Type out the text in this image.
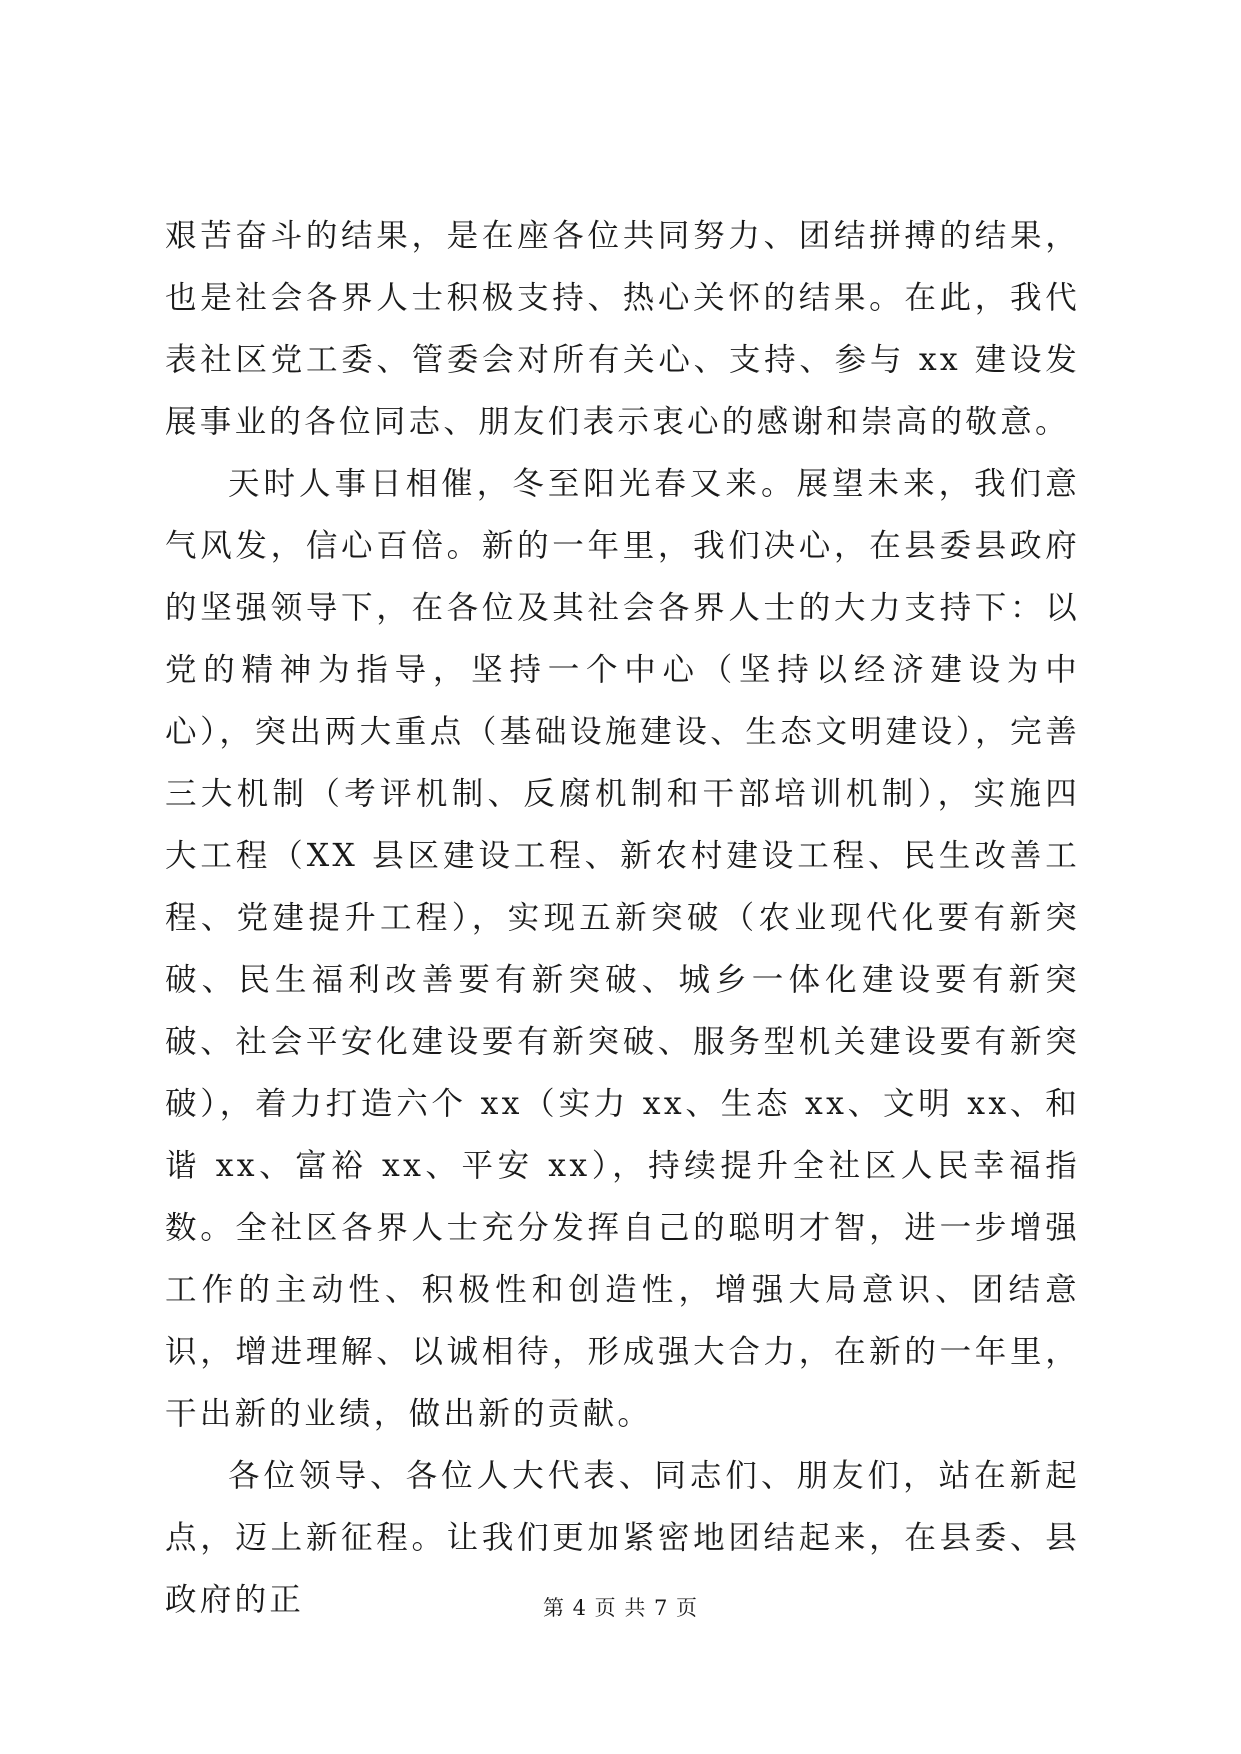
艰苦奋斗的结果，是在座各位共同努力、团结拼搏的结果，也是社会各界人士积极支持、热心关怀的结果。在此，我代表社区党工委、管委会对所有关心、支持、参与 xx 建设发展事业的各位同志、朋友们表示衷心的感谢和崇高的敬意。

天时人事日相催，冬至阳光春又来。展望未来，我们意气风发，信心百倍。新的一年里，我们决心，在县委县政府的坚强领导下，在各位及其社会各界人士的大力支持下：以党的精神为指导，坚持一个中心（坚持以经济建设为中心），突出两大重点（基础设施建设、生态文明建设），完善三大机制（考评机制、反腐机制和干部培训机制），实施四大工程（XX 县区建设工程、新农村建设工程、民生改善工程、党建提升工程），实现五新突破（农业现代化要有新突破、民生福利改善要有新突破、城乡一体化建设要有新突破、社会平安化建设要有新突破、服务型机关建设要有新突破），着力打造六个 xx（实力 xx、生态 xx、文明 xx、和谐 xx、富裕 xx、平安 xx），持续提升全社区人民幸福指数。全社区各界人士充分发挥自己的聪明才智，进一步增强工作的主动性、积极性和创造性，增强大局意识、团结意识，增进理解、以诚相待，形成强大合力，在新的一年里，干出新的业绩，做出新的贡献。

各位领导、各位人大代表、同志们、朋友们，站在新起点，迈上新征程。让我们更加紧密地团结起来，在县委、县政府的正	第 4 页 共 7 页
